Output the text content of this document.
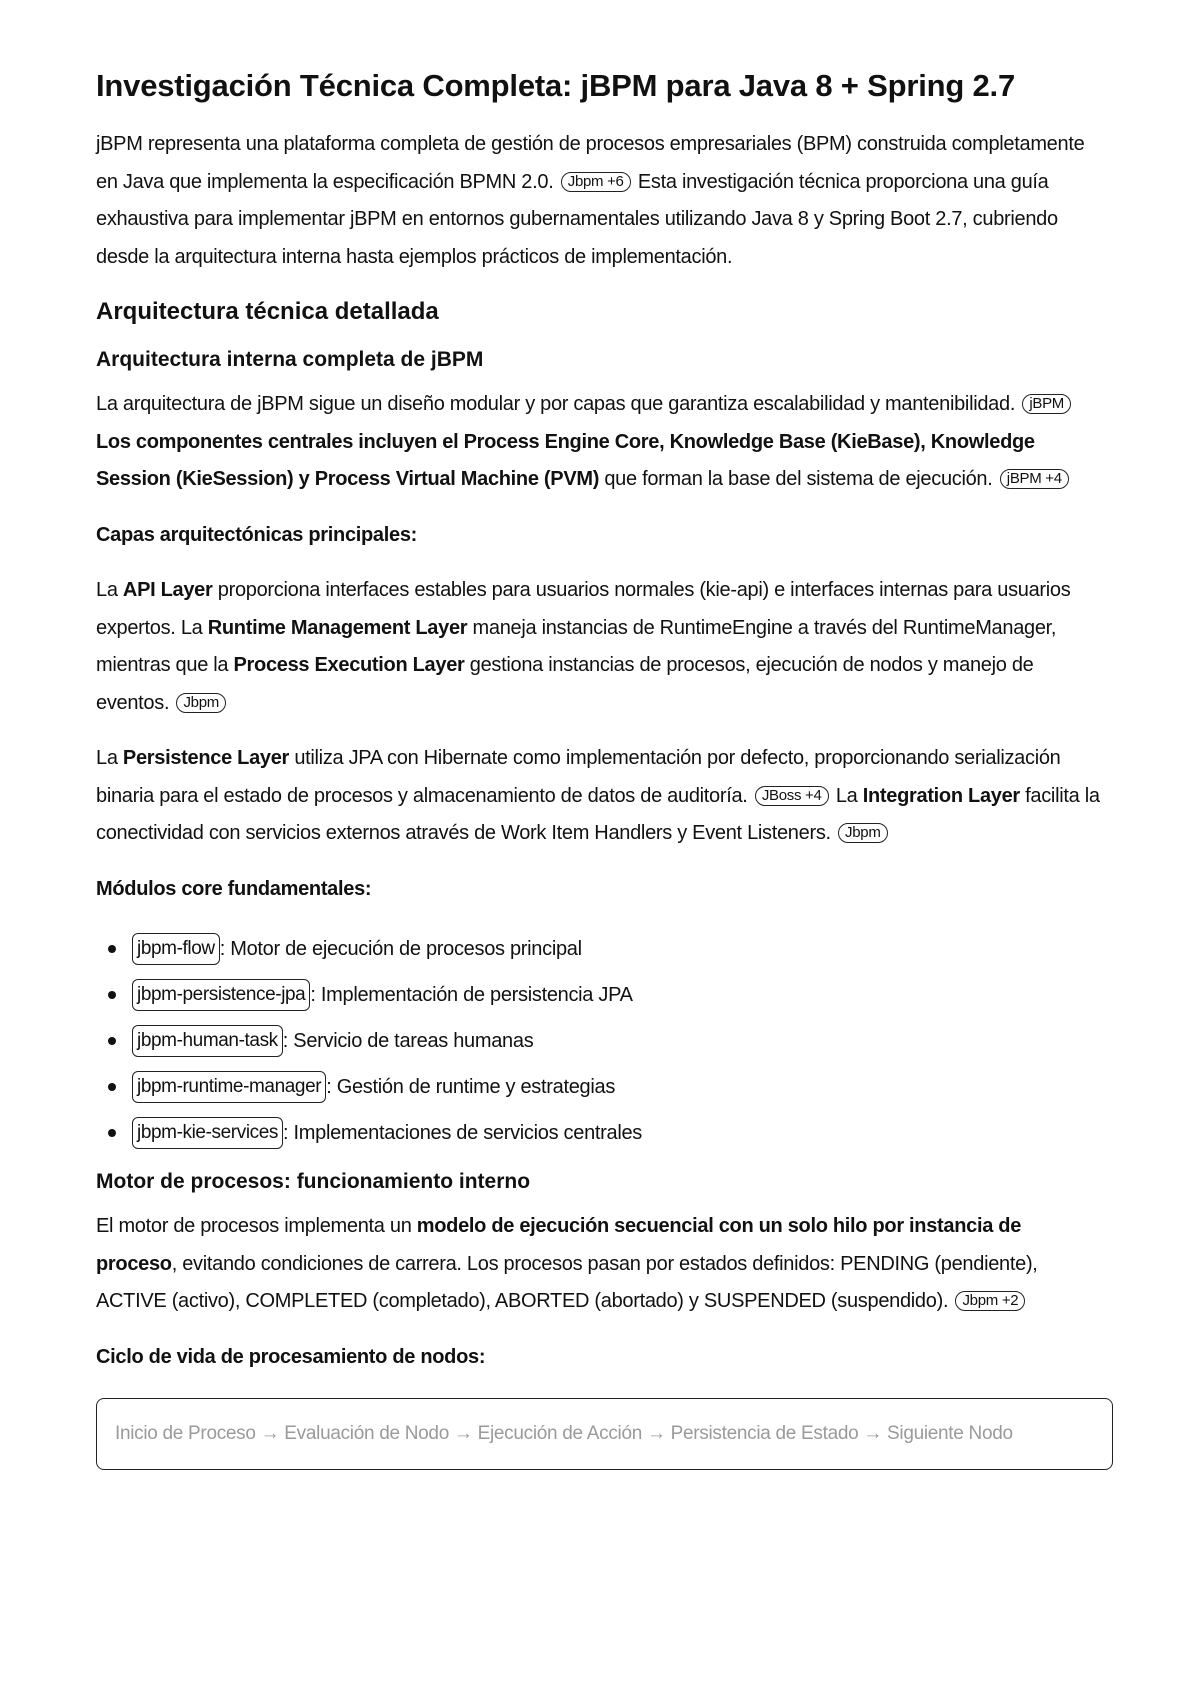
Investigación Técnica Completa: jBPM para Java 8 + Spring 2.7

jBPM representa una plataforma completa de gestión de procesos empresariales (BPM) construida completamente en Java que implementa la especificación BPMN 2.0. Jbpm +6 Esta investigación técnica proporciona una guía exhaustiva para implementar jBPM en entornos gubernamentales utilizando Java 8 y Spring Boot 2.7, cubriendo desde la arquitectura interna hasta ejemplos prácticos de implementación.

Arquitectura técnica detallada
Arquitectura interna completa de jBPM

La arquitectura de jBPM sigue un diseño modular y por capas que garantiza escalabilidad y mantenibilidad. jBPM Los componentes centrales incluyen el Process Engine Core, Knowledge Base (KieBase), Knowledge Session (KieSession) y Process Virtual Machine (PVM) que forman la base del sistema de ejecución. jBPM +4

Capas arquitectónicas principales:

La API Layer proporciona interfaces estables para usuarios normales (kie-api) e interfaces internas para usuarios expertos. La Runtime Management Layer maneja instancias de RuntimeEngine a través del RuntimeManager, mientras que la Process Execution Layer gestiona instancias de procesos, ejecución de nodos y manejo de eventos. Jbpm

La Persistence Layer utiliza JPA con Hibernate como implementación por defecto, proporcionando serialización binaria para el estado de procesos y almacenamiento de datos de auditoría. JBoss +4 La Integration Layer facilita la conectividad con servicios externos através de Work Item Handlers y Event Listeners. Jbpm

Módulos core fundamentales:

jbpm-flow : Motor de ejecución de procesos principal
jbpm-persistence-jpa : Implementación de persistencia JPA
jbpm-human-task : Servicio de tareas humanas
jbpm-runtime-manager : Gestión de runtime y estrategias
jbpm-kie-services : Implementaciones de servicios centrales
Motor de procesos: funcionamiento interno

El motor de procesos implementa un modelo de ejecución secuencial con un solo hilo por instancia de proceso, evitando condiciones de carrera. Los procesos pasan por estados definidos: PENDING (pendiente), ACTIVE (activo), COMPLETED (completado), ABORTED (abortado) y SUSPENDED (suspendido). Jbpm +2

Ciclo de vida de procesamiento de nodos:

Inicio de Proceso → Evaluación de Nodo → Ejecución de Acción → Persistencia de Estado → Siguiente Nodo
